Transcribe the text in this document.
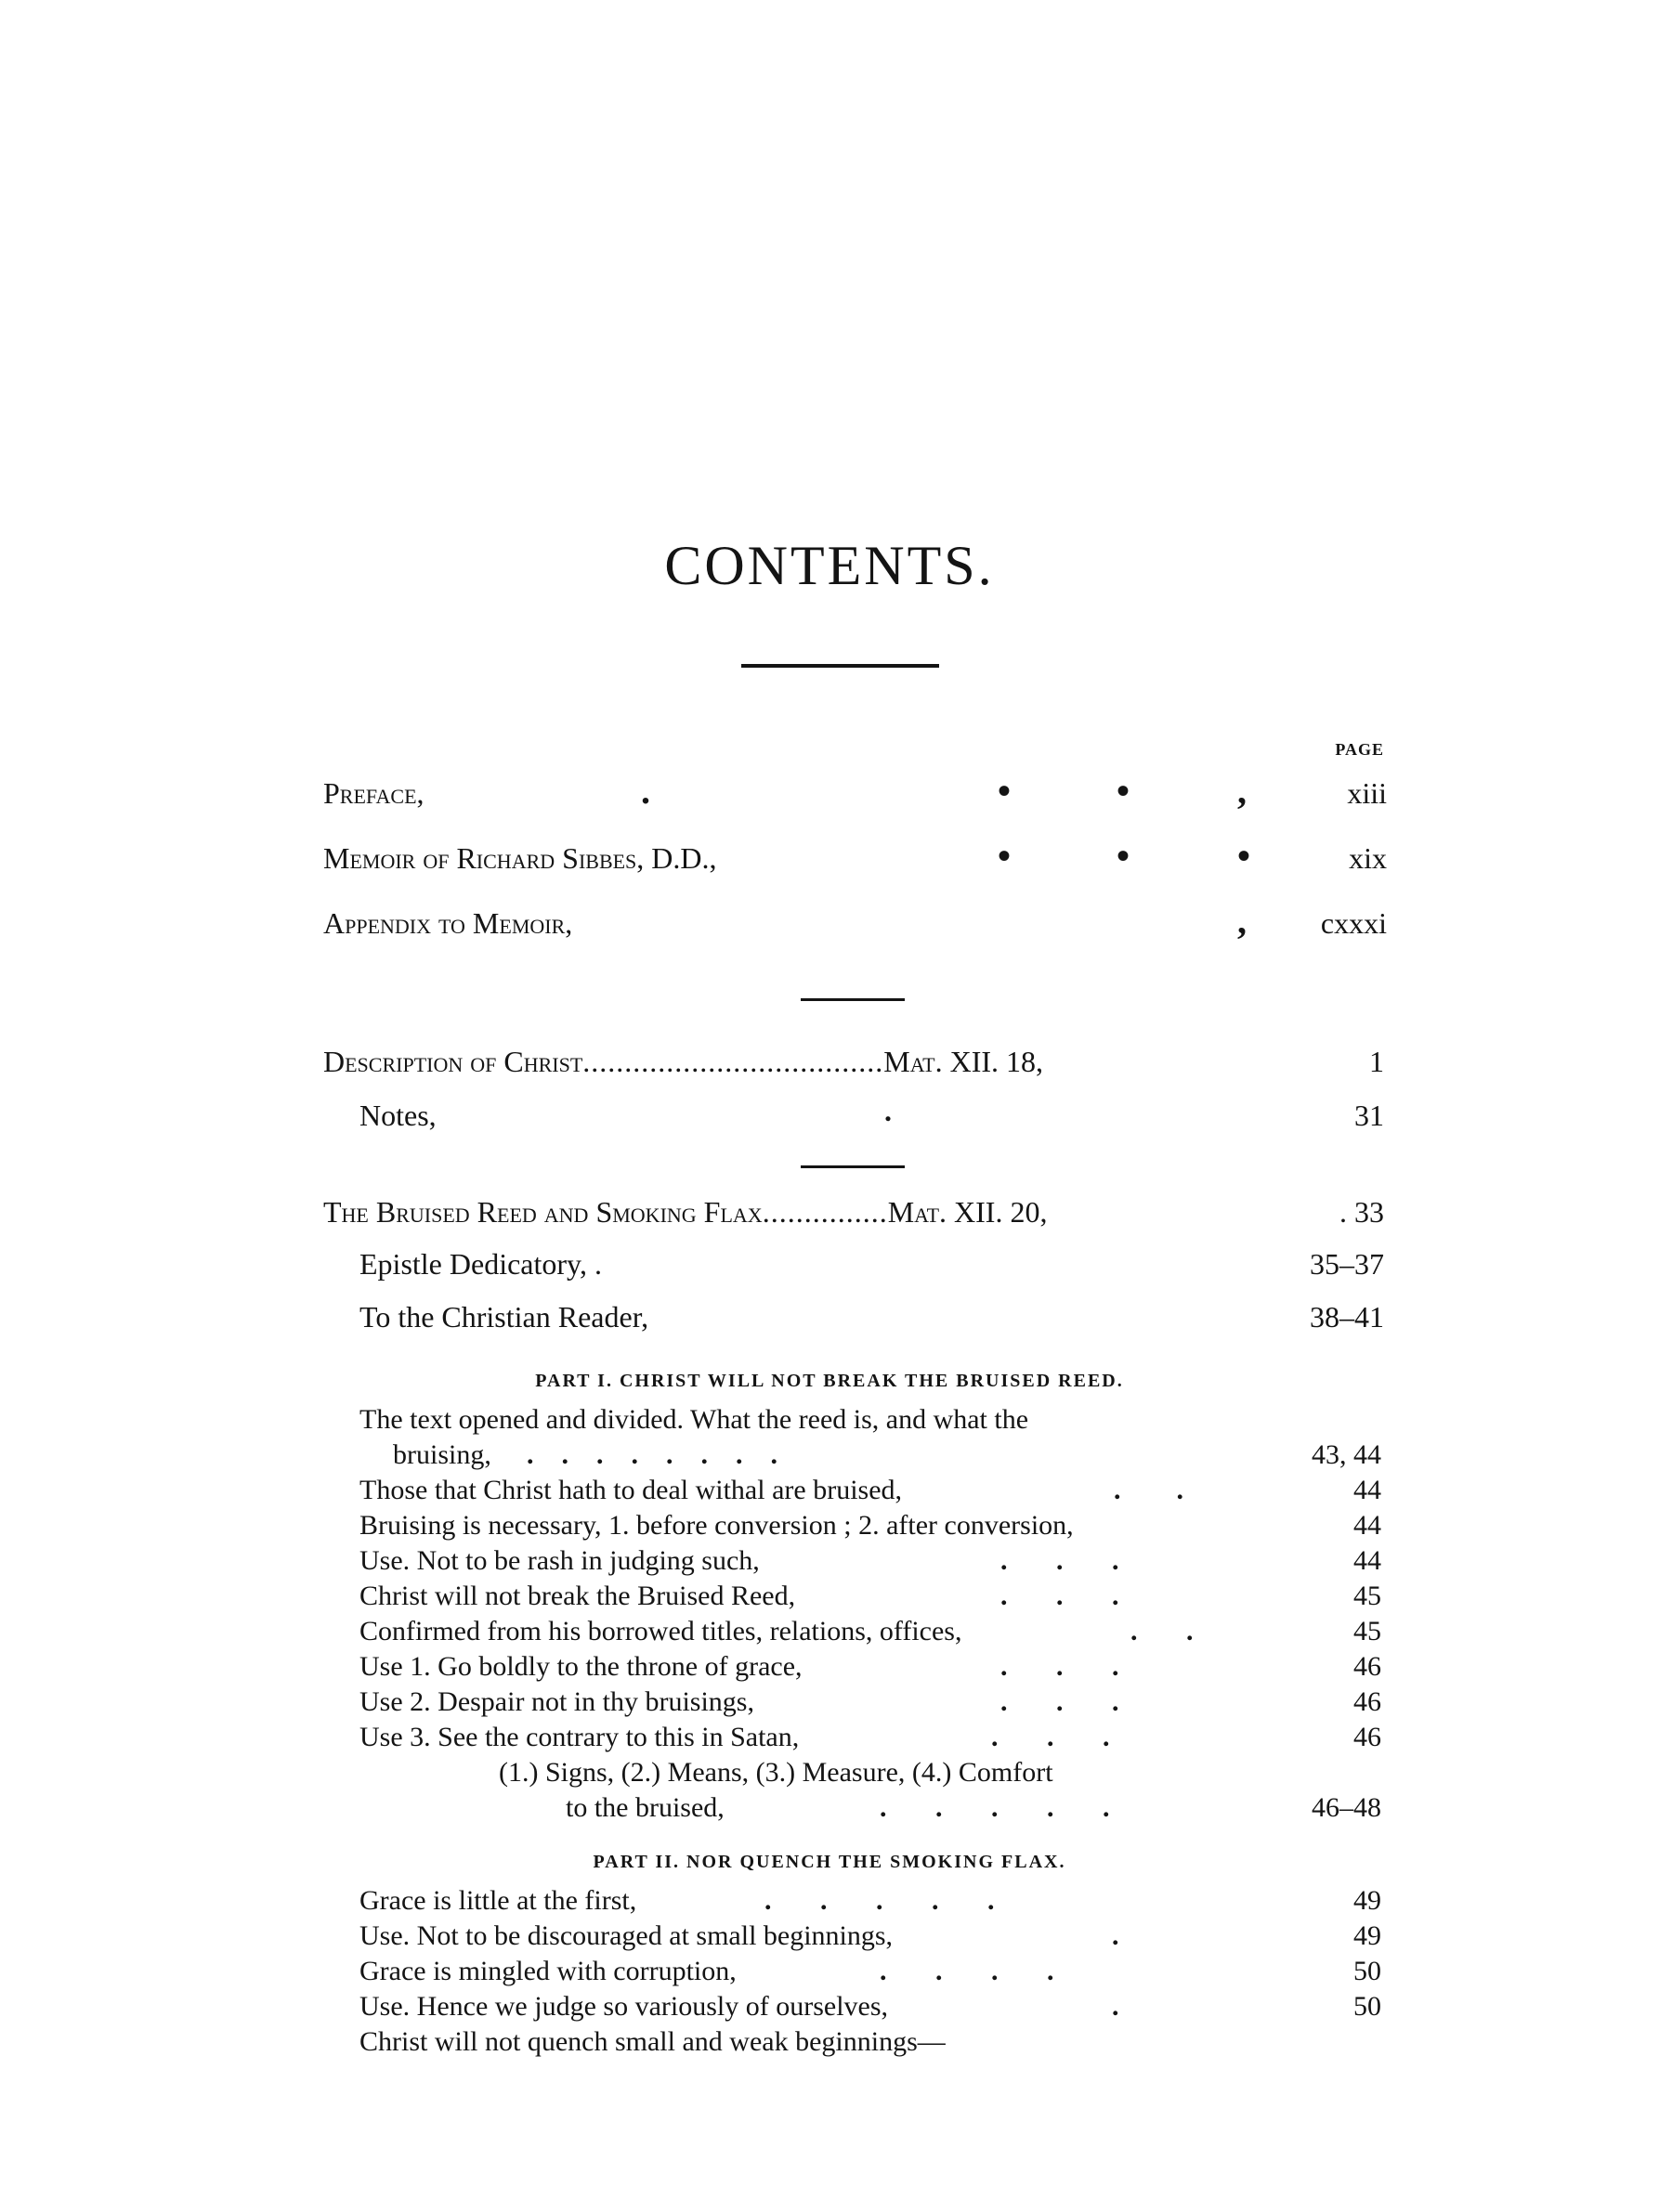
CONTENTS.
PAGE
Preface,	.	•	•	,	xiii
Memoir of Richard Sibbes, D.D.,	•	•	•	xix
Appendix to Memoir,	, cxxxi
Description of Christ....................................Mat. XII. 18,	1
Notes,	.	31
The Bruised Reed and Smoking Flax...............Mat. XII. 20,	. 33
Epistle Dedicatory, .	35–37
To the Christian Reader,	38–41
PART I. CHRIST WILL NOT BREAK THE BRUISED REED.
The text opened and divided. What the reed is, and what the
bruising, .    .    .    .    .    .    .    .	43, 44
Those that Christ hath to deal withal are bruised,	.        .	44
Bruising is necessary, 1. before conversion ; 2. after conversion,	44
Use. Not to be rash in judging such,	.       .       .	44
Christ will not break the Bruised Reed,	.       .       .	45
Confirmed from his borrowed titles, relations, offices,	.       .	45
Use 1. Go boldly to the throne of grace,	.       .       .	46
Use 2. Despair not in thy bruisings,	.       .       .	46
Use 3. See the contrary to this in Satan,	.       .       .	46
(1.) Signs, (2.) Means, (3.) Measure, (4.) Comfort
to the bruised,	.       .       .       .       .	46–48
PART II. NOR QUENCH THE SMOKING FLAX.
Grace is little at the first,	.       .       .       .       .	49
Use. Not to be discouraged at small beginnings,	.	49
Grace is mingled with corruption,	.       .       .       .	50
Use. Hence we judge so variously of ourselves,	.	50
Christ will not quench small and weak beginnings—
